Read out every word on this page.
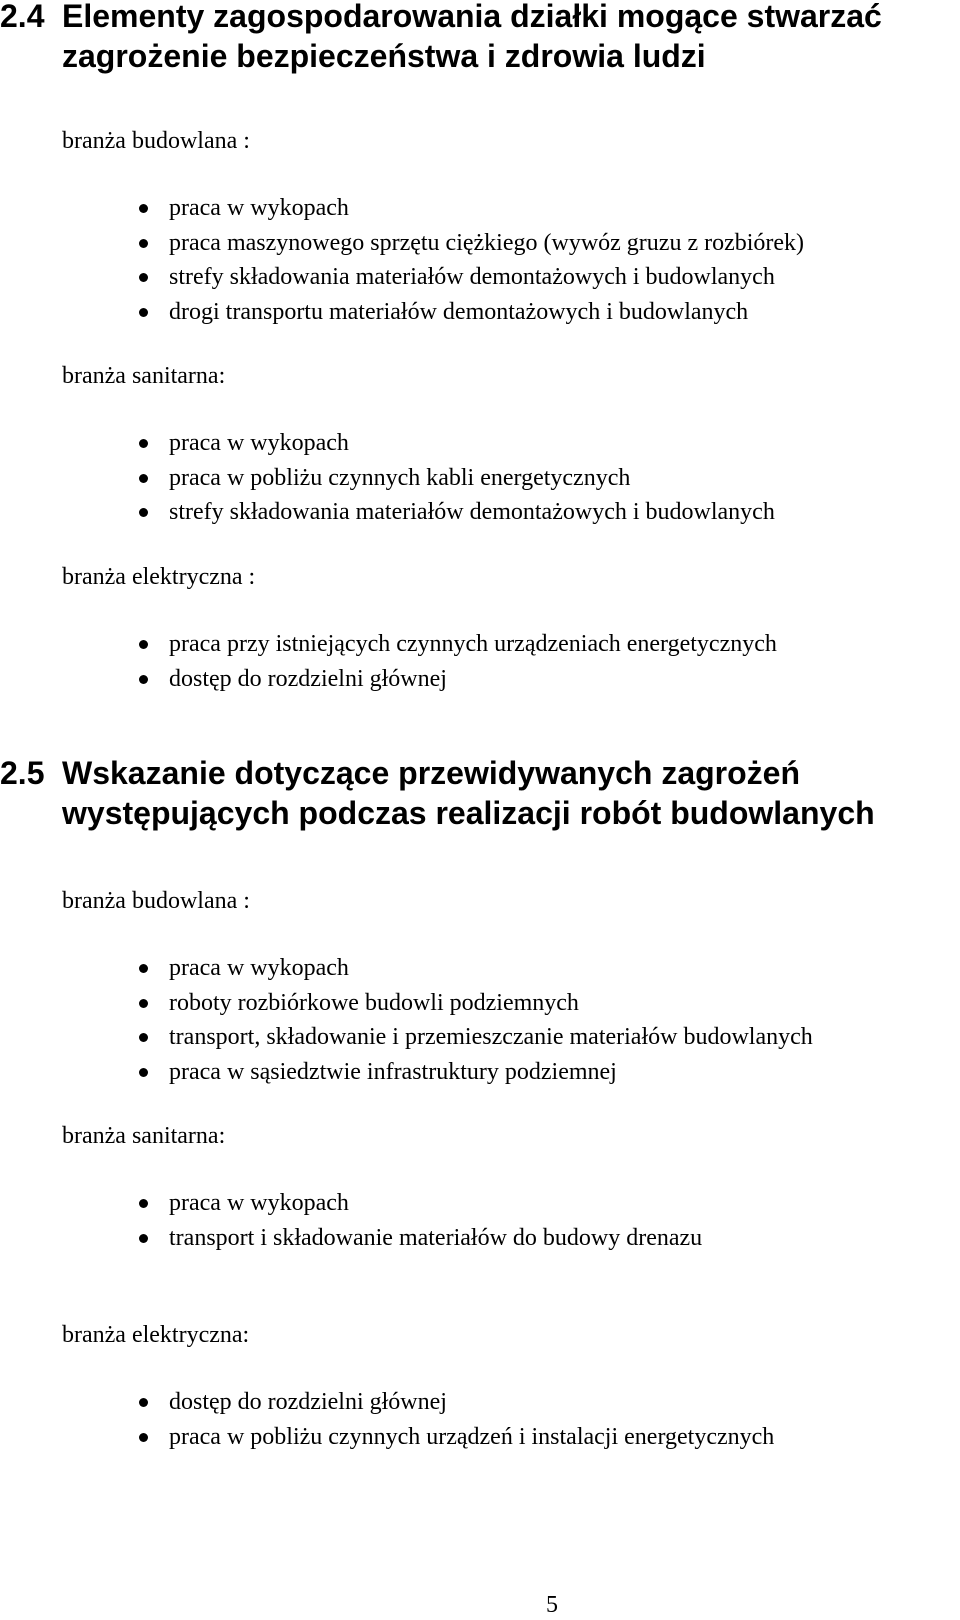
2.4 Elementy zagospodarowania działki mogące stwarzać
zagrożenie bezpieczeństwa i zdrowia ludzi

branża budowlana :

praca w wykopach
praca maszynowego sprzętu ciężkiego (wywóz gruzu z rozbiórek)
strefy składowania materiałów demontażowych i budowlanych
drogi transportu materiałów demontażowych i budowlanych

branża sanitarna:

praca w wykopach
praca w pobliżu czynnych kabli energetycznych
strefy składowania materiałów demontażowych i budowlanych

branża elektryczna :

praca przy istniejących czynnych urządzeniach energetycznych
dostęp do rozdzielni głównej
2.5 Wskazanie dotyczące przewidywanych zagrożeń
występujących podczas realizacji robót budowlanych

branża budowlana :

praca w wykopach
roboty rozbiórkowe budowli podziemnych
transport, składowanie i przemieszczanie materiałów budowlanych
praca w sąsiedztwie infrastruktury podziemnej

branża sanitarna:

praca w wykopach
transport i składowanie materiałów do budowy drenazu

branża elektryczna:

dostęp do rozdzielni głównej
praca w pobliżu czynnych urządzeń i instalacji energetycznych
5
